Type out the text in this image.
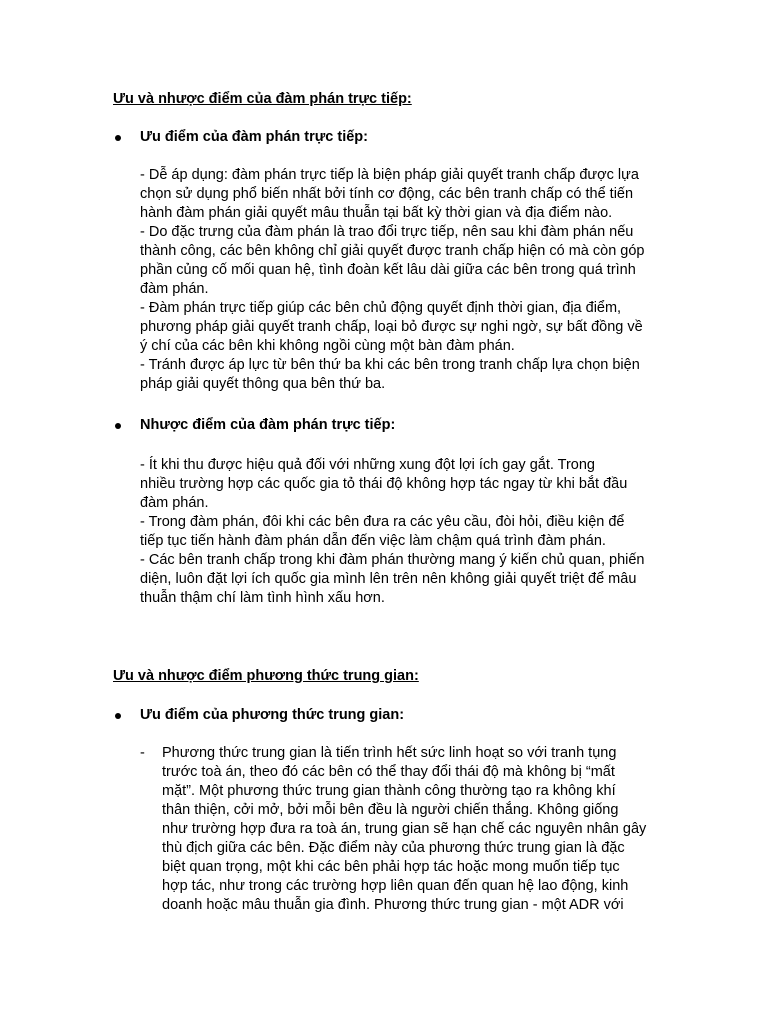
Ưu và nhược điểm của đàm phán trực tiếp:
Ưu điểm của đàm phán trực tiếp:
- Dễ áp dụng: đàm phán trực tiếp là biện pháp giải quyết tranh chấp được lựa
chọn sử dụng phổ biến nhất bởi tính cơ động, các bên tranh chấp có thể tiến
hành đàm phán giải quyết mâu thuẫn tại bất kỳ thời gian và địa điểm nào.
- Do đặc trưng của đàm phán là trao đổi trực tiếp, nên sau khi đàm phán nếu
thành công, các bên không chỉ giải quyết được tranh chấp hiện có mà còn góp
phần củng cố mối quan hệ, tình đoàn kết lâu dài giữa các bên trong quá trình
đàm phán.
- Đàm phán trực tiếp giúp các bên chủ động quyết định thời gian, địa điểm,
phương pháp giải quyết tranh chấp, loại bỏ được sự nghi ngờ, sự bất đồng về
ý chí của các bên khi không ngồi cùng một bàn đàm phán.
- Tránh được áp lực từ bên thứ ba khi các bên trong tranh chấp lựa chọn biện
pháp giải quyết thông qua bên thứ ba.
Nhược điểm của đàm phán trực tiếp:
- Ít khi thu được hiệu quả đối với những xung đột lợi ích gay gắt. Trong
nhiều trường hợp các quốc gia tỏ thái độ không hợp tác ngay từ khi bắt đầu
đàm phán.
- Trong đàm phán, đôi khi các bên đưa ra các yêu cầu, đòi hỏi, điều kiện để
tiếp tục tiến hành đàm phán dẫn đến việc làm chậm quá trình đàm phán.
- Các bên tranh chấp trong khi đàm phán thường mang ý kiến chủ quan, phiến
diện, luôn đặt lợi ích quốc gia mình lên trên nên không giải quyết triệt để mâu
thuẫn thậm chí làm tình hình xấu hơn.
Ưu và nhược điểm phương thức trung gian:
Ưu điểm của phương thức trung gian:
- Phương thức trung gian là tiến trình hết sức linh hoạt so với tranh tụng
trước toà án, theo đó các bên có thể thay đổi thái độ mà không bị “mất
mặt”. Một phương thức trung gian thành công thường tạo ra không khí
thân thiện, cởi mở, bởi mỗi bên đều là người chiến thắng. Không giống
như trường hợp đưa ra toà án, trung gian sẽ hạn chế các nguyên nhân gây
thù địch giữa các bên. Đặc điểm này của phương thức trung gian là đặc
biệt quan trọng, một khi các bên phải hợp tác hoặc mong muốn tiếp tục
hợp tác, như trong các trường hợp liên quan đến quan hệ lao động, kinh
doanh hoặc mâu thuẫn gia đình. Phương thức trung gian - một ADR với
